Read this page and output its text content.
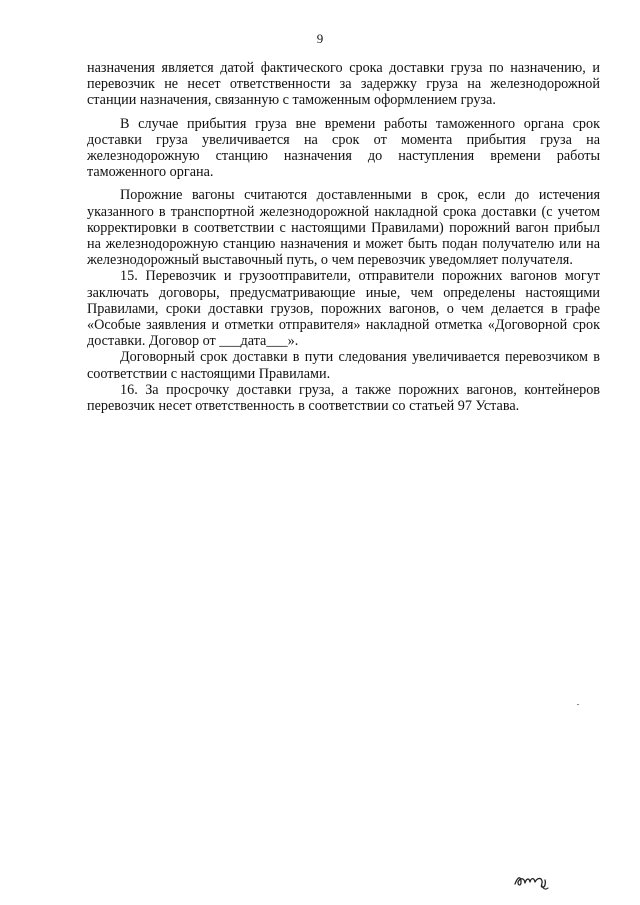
9

назначения является датой фактического срока доставки груза по назначению, и перевозчик не несет ответственности за задержку груза на железнодорожной станции назначения, связанную с таможенным оформлением груза.

В случае прибытия груза вне времени работы таможенного органа срок доставки груза увеличивается на срок от момента прибытия груза на железнодорожную станцию назначения до наступления времени работы таможенного органа.

Порожние вагоны считаются доставленными в срок, если до истечения указанного в транспортной железнодорожной накладной срока доставки (с учетом корректировки в соответствии с настоящими Правилами) порожний вагон прибыл на железнодорожную станцию назначения и может быть подан получателю или на железнодорожный выставочный путь, о чем перевозчик уведомляет получателя.

15. Перевозчик и грузоотправители, отправители порожних вагонов могут заключать договоры, предусматривающие иные, чем определены настоящими Правилами, сроки доставки грузов, порожних вагонов, о чем делается в графе «Особые заявления и отметки отправителя» накладной отметка «Договорной срок доставки. Договор от ___дата___».

Договорный срок доставки в пути следования увеличивается перевозчиком в соответствии с настоящими Правилами.

16. За просрочку доставки груза, а также порожних вагонов, контейнеров перевозчик несет ответственность в соответствии со статьей 97 Устава.
